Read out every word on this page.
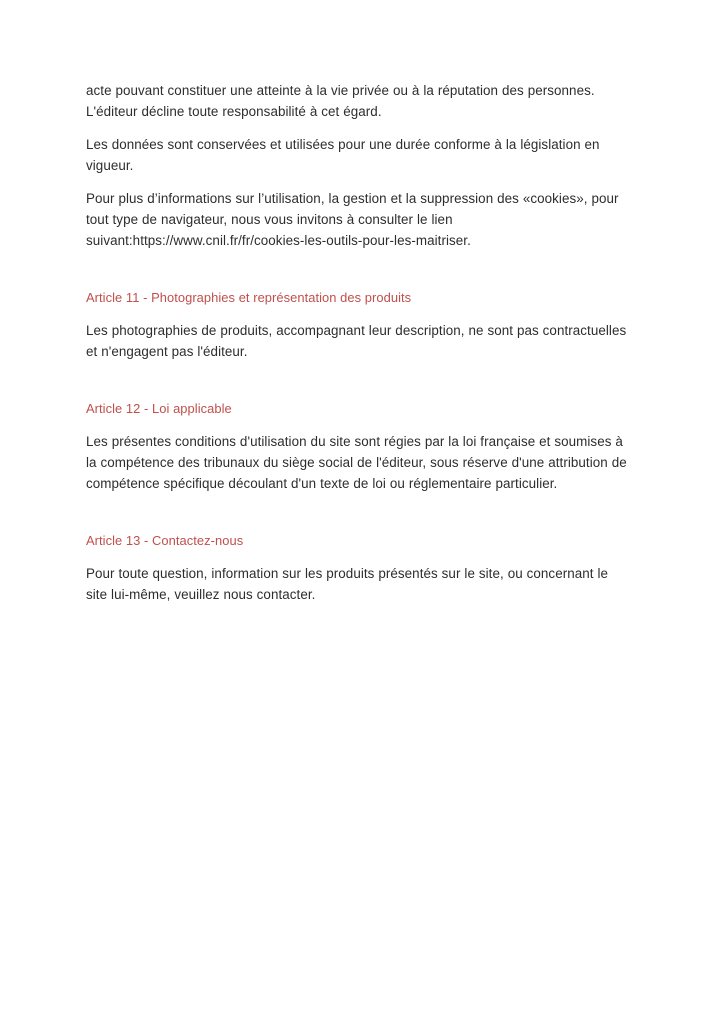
acte pouvant constituer une atteinte à la vie privée ou à la réputation des personnes. L'éditeur décline toute responsabilité à cet égard.

Les données sont conservées et utilisées pour une durée conforme à la législation en vigueur.

Pour plus d’informations sur l’utilisation, la gestion et la suppression des «cookies», pour tout type de navigateur, nous vous invitons à consulter le lien suivant:https://www.cnil.fr/fr/cookies-les-outils-pour-les-maitriser.

Article 11 - Photographies et représentation des produits

Les photographies de produits, accompagnant leur description, ne sont pas contractuelles et n'engagent pas l'éditeur.

Article 12 - Loi applicable

Les présentes conditions d'utilisation du site sont régies par la loi française et soumises à la compétence des tribunaux du siège social de l'éditeur, sous réserve d'une attribution de compétence spécifique découlant d'un texte de loi ou réglementaire particulier.

Article 13 - Contactez-nous

Pour toute question, information sur les produits présentés sur le site, ou concernant le site lui-même, veuillez nous contacter.
